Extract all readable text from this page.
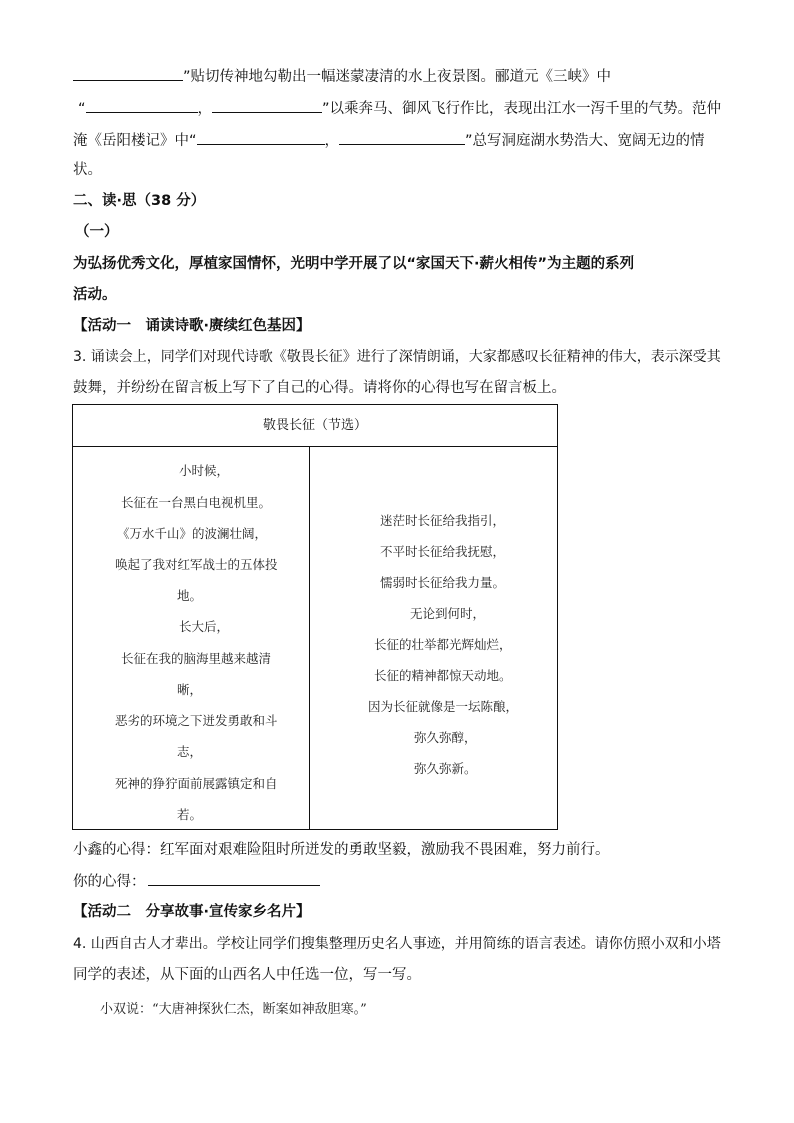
”贴切传神地勾勒出一幅迷蒙凄清的水上夜景图。郦道元《三峡》中
“	，	”以乘奔马、御风飞行作比，表现出江水一泻千里的气势。范仲
淹《岳阳楼记》中“	，	”总写洞庭湖水势浩大、宽阔无边的情
状。
二、读·思（38 分）
（一）
为弘扬优秀文化，厚植家国情怀，光明中学开展了以“家国天下·薪火相传”为主题的系列
活动。
【活动一　诵读诗歌·赓续红色基因】
3. 诵读会上，同学们对现代诗歌《敬畏长征》进行了深情朗诵，大家都感叹长征精神的伟大，表示深受其
鼓舞，并纷纷在留言板上写下了自己的心得。请将你的心得也写在留言板上。
敬畏长征（节选）
小时候，
长征在一台黑白电视机里。
《万水千山》的波澜壮阔，
唤起了我对红军战士的五体投
地。
长大后，
长征在我的脑海里越来越清
晰，
恶劣的环境之下迸发勇敢和斗
志，
死神的狰狞面前展露镇定和自
若。
迷茫时长征给我指引，
不平时长征给我抚慰，
懦弱时长征给我力量。
无论到何时，
长征的壮举都光辉灿烂，
长征的精神都惊天动地。
因为长征就像是一坛陈酿，
弥久弥醇，
弥久弥新。
小鑫的心得：红军面对艰难险阻时所迸发的勇敢坚毅，激励我不畏困难，努力前行。
你的心得：
【活动二　分享故事·宣传家乡名片】
4. 山西自古人才辈出。学校让同学们搜集整理历史名人事迹，并用简练的语言表述。请你仿照小双和小塔
同学的表述，从下面的山西名人中任选一位，写一写。
小双说：“大唐神探狄仁杰，断案如神敌胆寒。”
